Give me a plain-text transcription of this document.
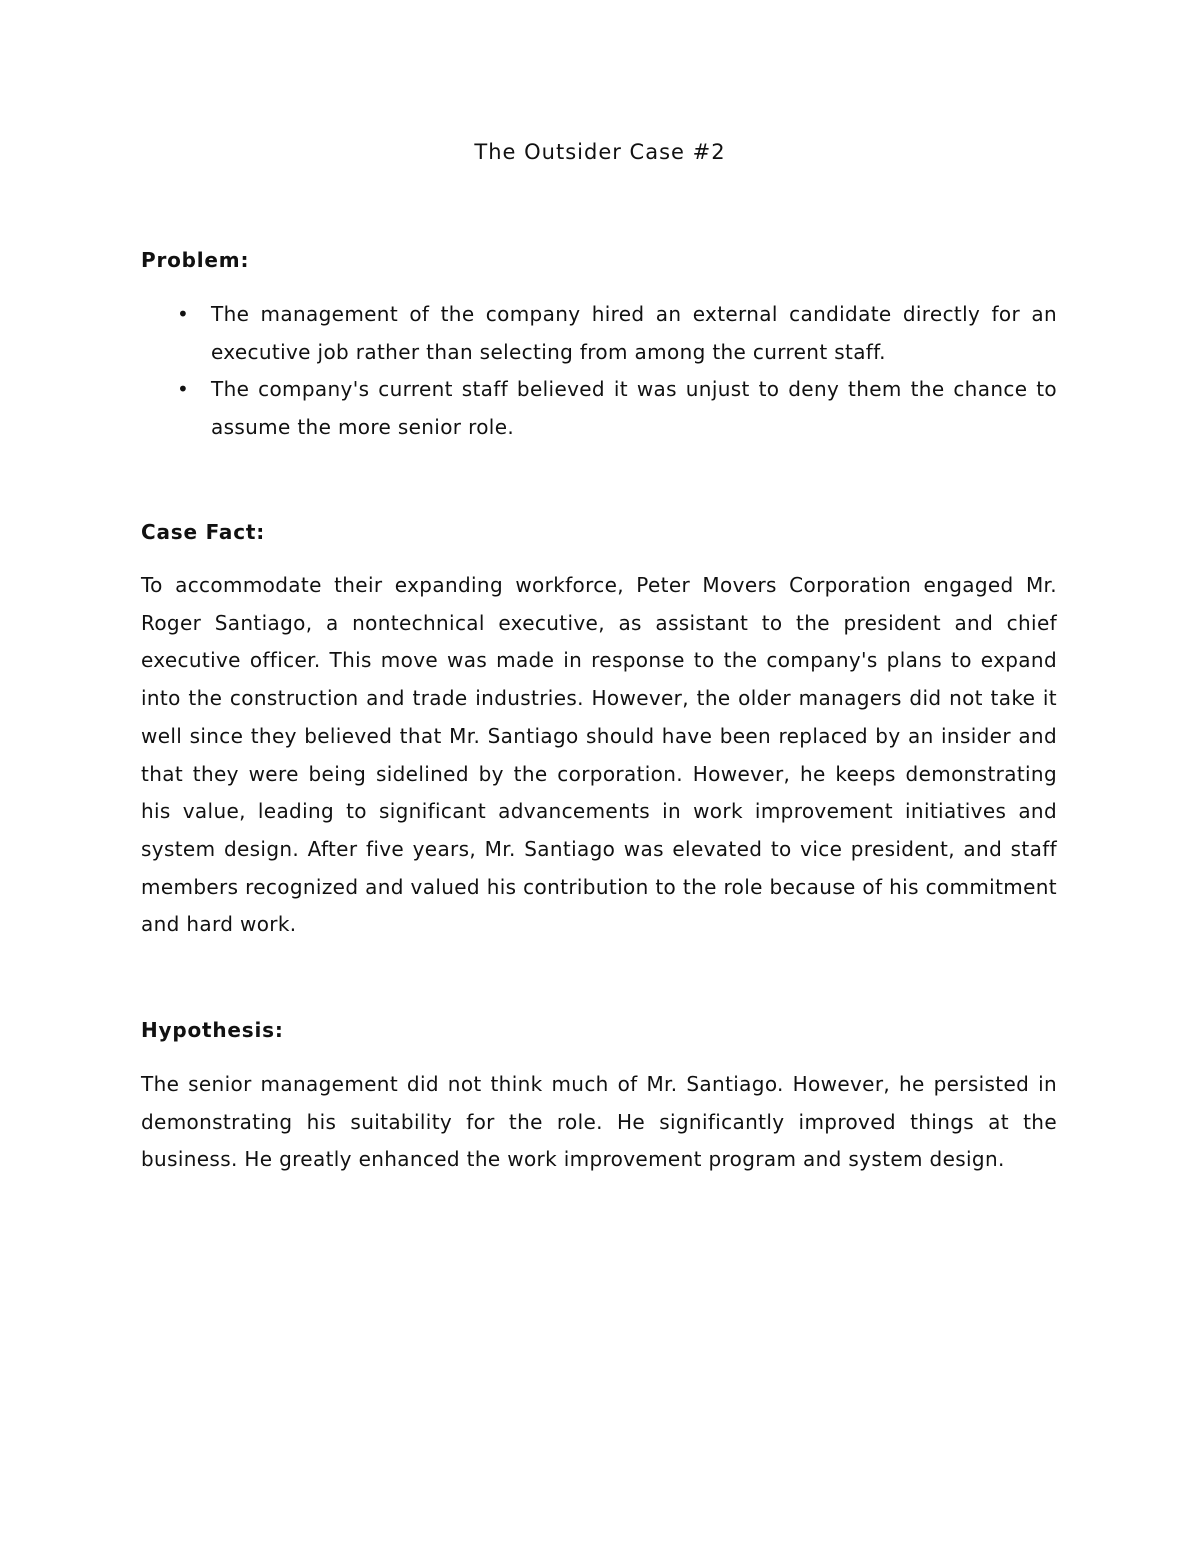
The Outsider Case #2
Problem:
• The management of the company hired an external candidate directly for an executive job rather than selecting from among the current staff.
• The company's current staff believed it was unjust to deny them the chance to assume the more senior role.
Case Fact:

To accommodate their expanding workforce, Peter Movers Corporation engaged Mr. Roger Santiago, a nontechnical executive, as assistant to the president and chief executive officer. This move was made in response to the company's plans to expand into the construction and trade industries. However, the older managers did not take it well since they believed that Mr. Santiago should have been replaced by an insider and that they were being sidelined by the corporation. However, he keeps demonstrating his value, leading to significant advancements in work improvement initiatives and system design. After five years, Mr. Santiago was elevated to vice president, and staff members recognized and valued his contribution to the role because of his commitment and hard work.

Hypothesis:

The senior management did not think much of Mr. Santiago. However, he persisted in demonstrating his suitability for the role. He significantly improved things at the business. He greatly enhanced the work improvement program and system design.
